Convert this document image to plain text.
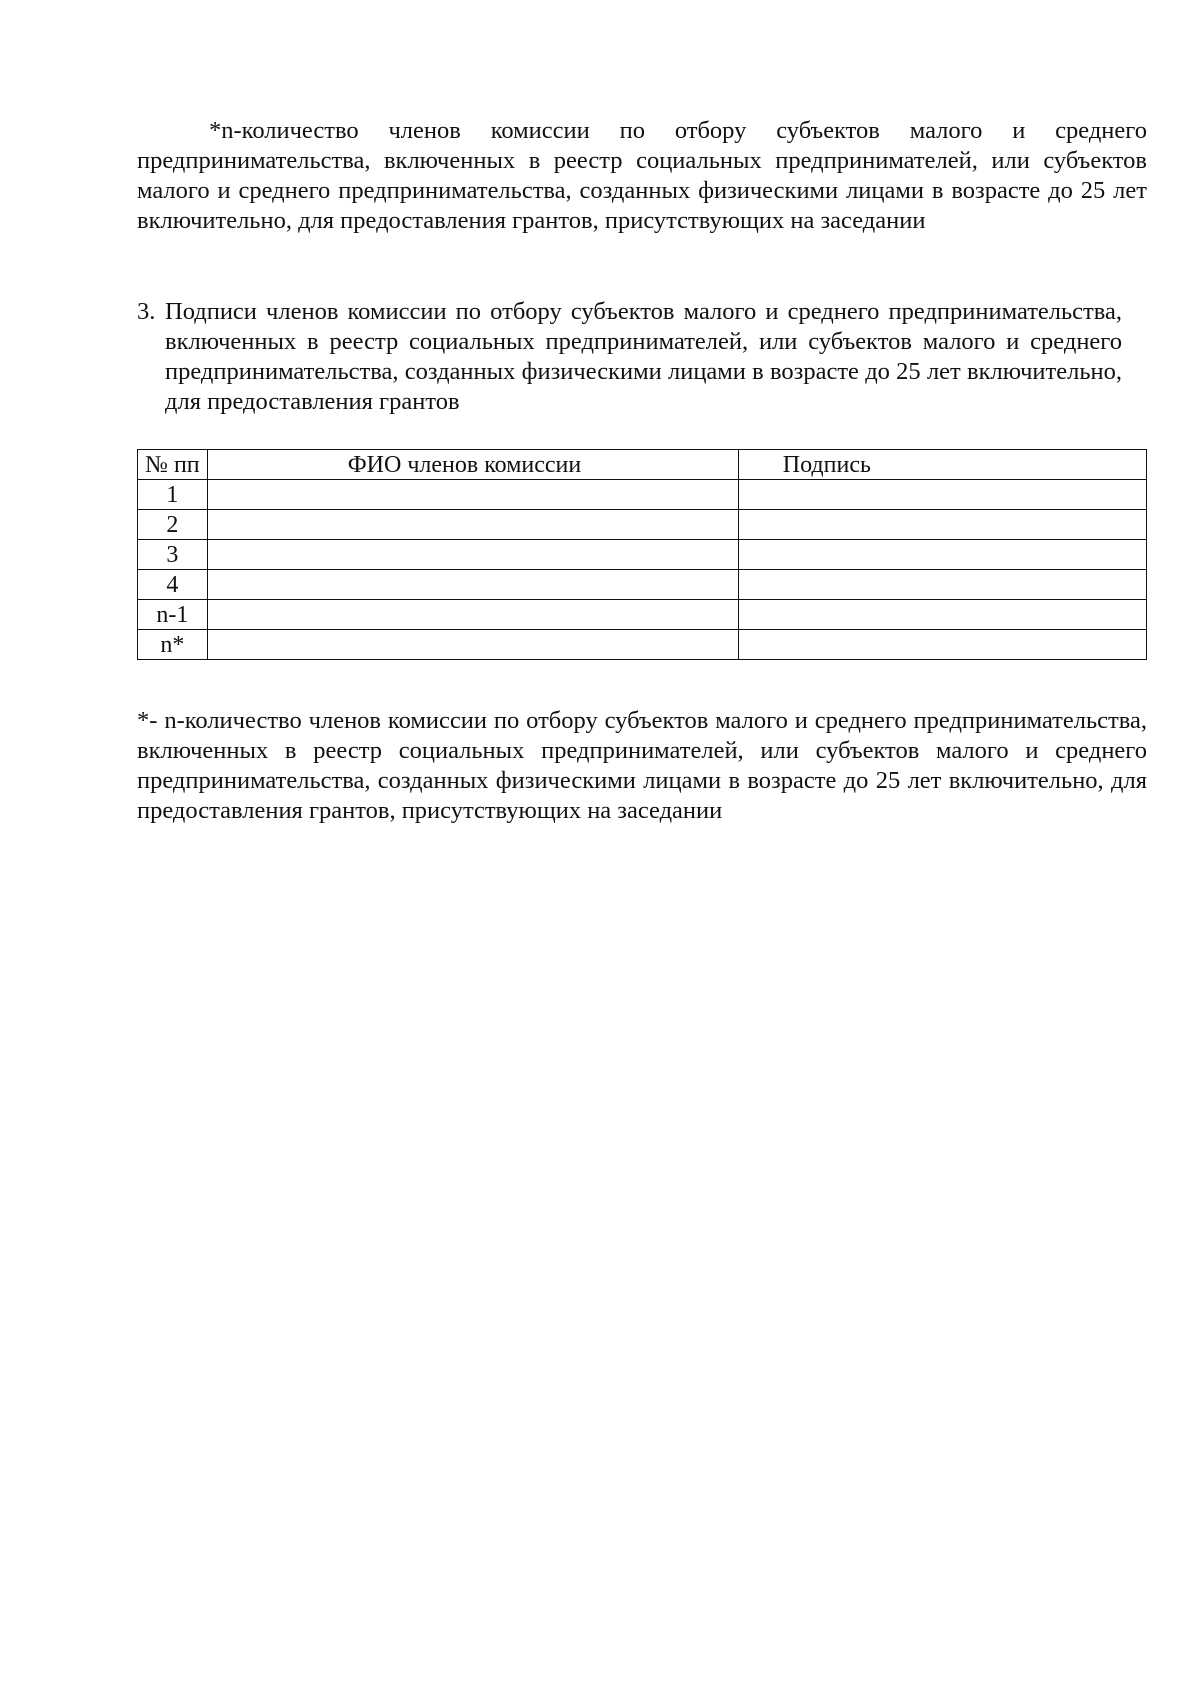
*n-количество членов комиссии по отбору субъектов малого и среднего предпринимательства, включенных в реестр социальных предпринимателей, или субъектов малого и среднего предпринимательства, созданных физическими лицами в возрасте до 25 лет включительно, для предоставления грантов, присутствующих на заседании

3. Подписи членов комиссии по отбору субъектов малого и среднего предпринимательства, включенных в реестр социальных предпринимателей, или субъектов малого и среднего предпринимательства, созданных физическими лицами в возрасте до 25 лет включительно, для предоставления грантов
№ пп	ФИО членов комиссии	Подпись
1		
2		
3		
4		
n-1		
n*		

*- n-количество членов комиссии по отбору субъектов малого и среднего предпринимательства, включенных в реестр социальных предпринимателей, или субъектов малого и среднего предпринимательства, созданных физическими лицами в возрасте до 25 лет включительно, для предоставления грантов, присутствующих на заседании
